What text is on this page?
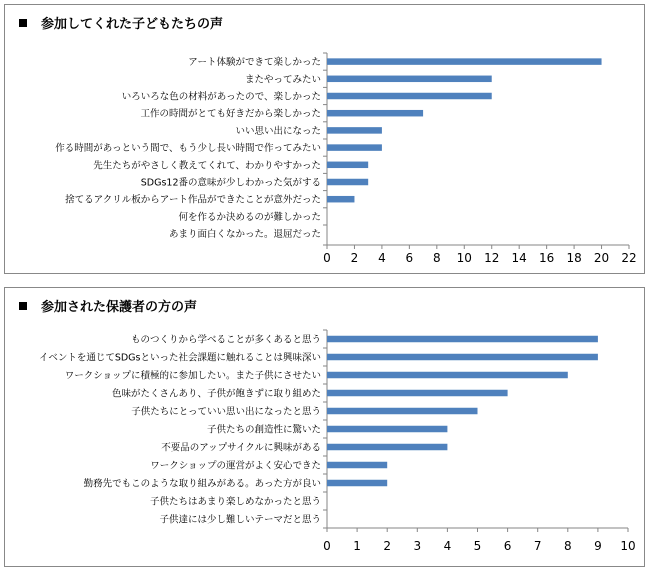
参加してくれた子どもたちの声
アート体験ができて楽しかった
またやってみたい
いろいろな色の材料があったので、楽しかった
工作の時間がとても好きだから楽しかった
いい思い出になった
作る時間があっという間で、もう少し長い時間で作ってみたい
先生たちがやさしく教えてくれて、わかりやすかった
SDGs12番の意味が少しわかった気がする
捨てるアクリル板からアート作品ができたことが意外だった
何を作るか決めるのが難しかった
あまり面白くなかった。退屈だった
0 2 4 6 8 10 12 14 16 18 20 22
参加された保護者の方の声
ものつくりから学べることが多くあると思う
イベントを通じてSDGsといった社会課題に触れることは興味深い
ワークショップに積極的に参加したい。また子供にさせたい
色味がたくさんあり、子供が飽きずに取り組めた
子供たちにとっていい思い出になったと思う
子供たちの創造性に驚いた
不要品のアップサイクルに興味がある
ワークショップの運営がよく安心できた
勤務先でもこのような取り組みがある。あった方が良い
子供たちはあまり楽しめなかったと思う
子供達には少し難しいテーマだと思う
0 1 2 3 4 5 6 7 8 9 10
